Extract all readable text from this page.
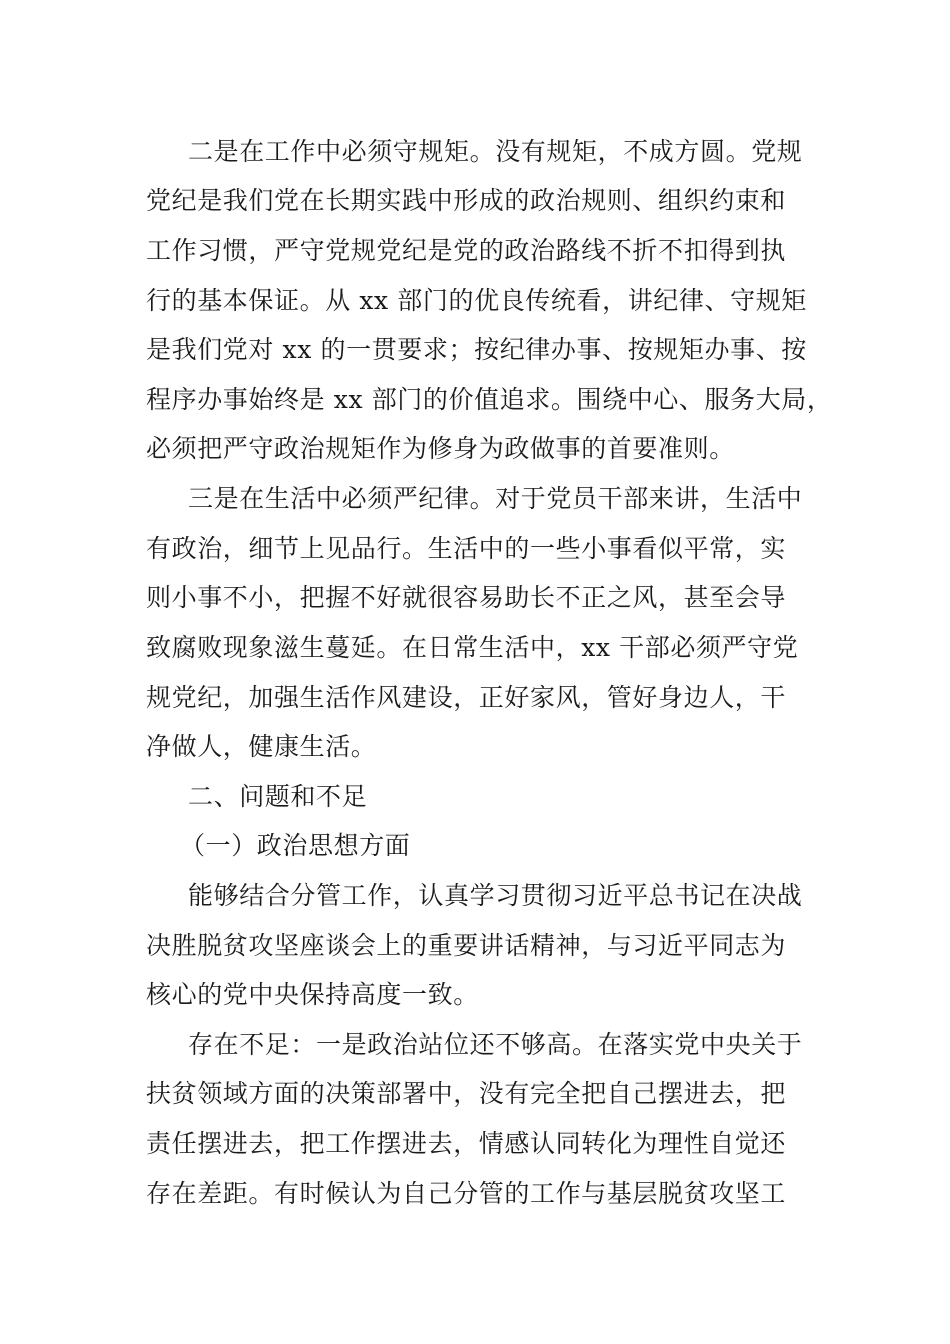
二是在工作中必须守规矩。没有规矩，不成方圆。党规
党纪是我们党在长期实践中形成的政治规则、组织约束和
工作习惯，严守党规党纪是党的政治路线不折不扣得到执
行的基本保证。从 xx 部门的优良传统看，讲纪律、守规矩
是我们党对 xx 的一贯要求；按纪律办事、按规矩办事、按
程序办事始终是 xx 部门的价值追求。围绕中心、服务大局，
必须把严守政治规矩作为修身为政做事的首要准则。
三是在生活中必须严纪律。对于党员干部来讲，生活中
有政治，细节上见品行。生活中的一些小事看似平常，实
则小事不小，把握不好就很容易助长不正之风，甚至会导
致腐败现象滋生蔓延。在日常生活中，xx 干部必须严守党
规党纪，加强生活作风建设，正好家风，管好身边人，干
净做人，健康生活。
二、问题和不足
（一）政治思想方面
能够结合分管工作，认真学习贯彻习近平总书记在决战
决胜脱贫攻坚座谈会上的重要讲话精神，与习近平同志为
核心的党中央保持高度一致。
存在不足：一是政治站位还不够高。在落实党中央关于
扶贫领域方面的决策部署中，没有完全把自己摆进去，把
责任摆进去，把工作摆进去，情感认同转化为理性自觉还
存在差距。有时候认为自己分管的工作与基层脱贫攻坚工
